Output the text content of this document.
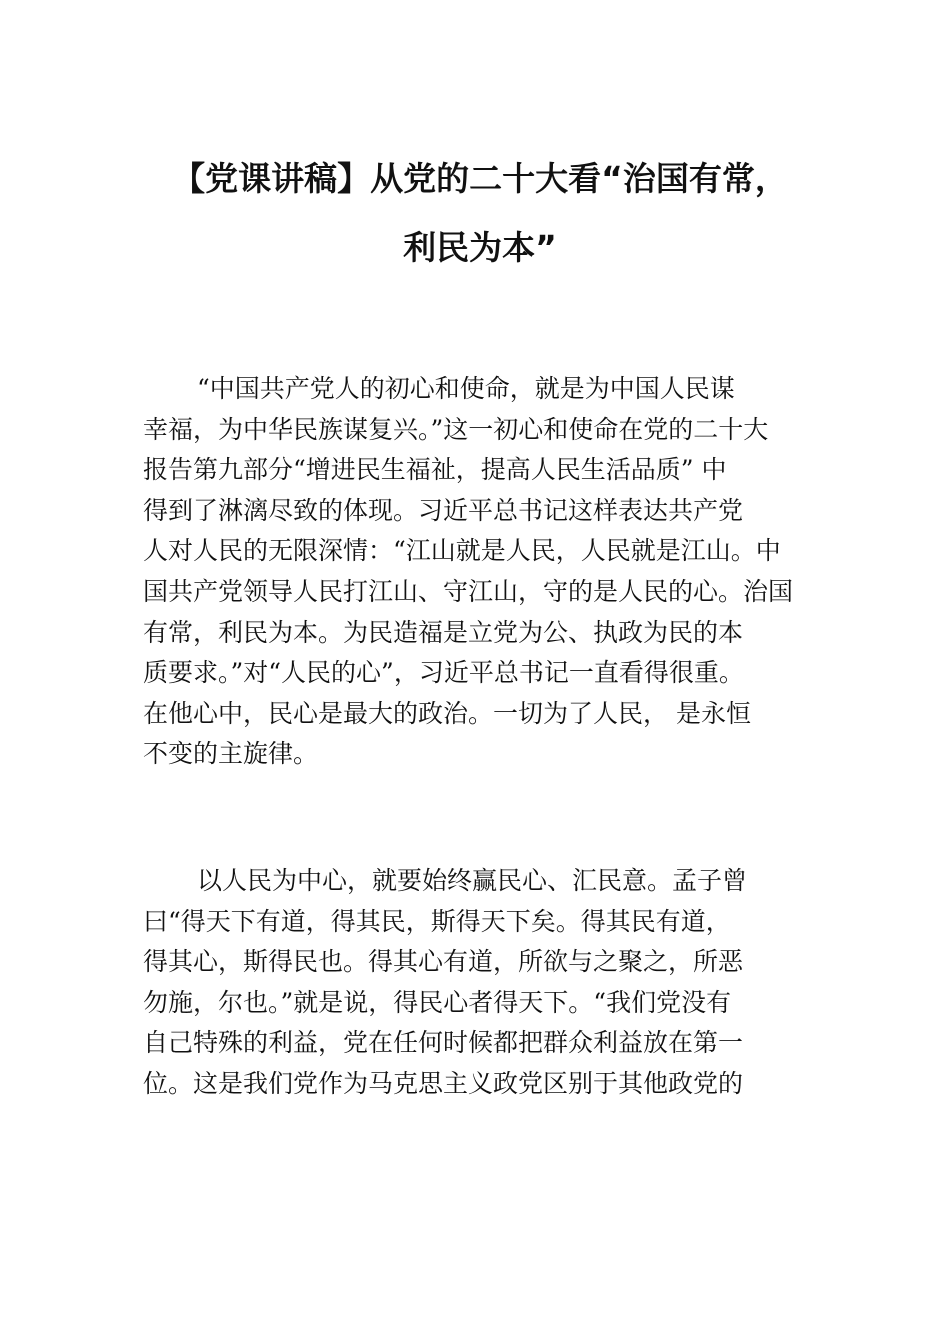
【党课讲稿】从党的二十大看“治国有常，
利民为本”
“中国共产党人的初心和使命，就是为中国人民谋
幸福，为中华民族谋复兴。”这一初心和使命在党的二十大
报告第九部分“增进民生福祉，提高人民生活品质” 中
得到了淋漓尽致的体现。习近平总书记这样表达共产党
人对人民的无限深情：“江山就是人民，人民就是江山。中
国共产党领导人民打江山、守江山，守的是人民的心。治国
有常，利民为本。为民造福是立党为公、执政为民的本
质要求。”对“人民的心”，习近平总书记一直看得很重。
在他心中，民心是最大的政治。一切为了人民， 是永恒
不变的主旋律。
以人民为中心，就要始终赢民心、汇民意。孟子曾
曰“得天下有道，得其民，斯得天下矣。得其民有道，
得其心，斯得民也。得其心有道，所欲与之聚之，所恶
勿施，尔也。”就是说，得民心者得天下。“我们党没有
自己特殊的利益，党在任何时候都把群众利益放在第一
位。这是我们党作为马克思主义政党区别于其他政党的
